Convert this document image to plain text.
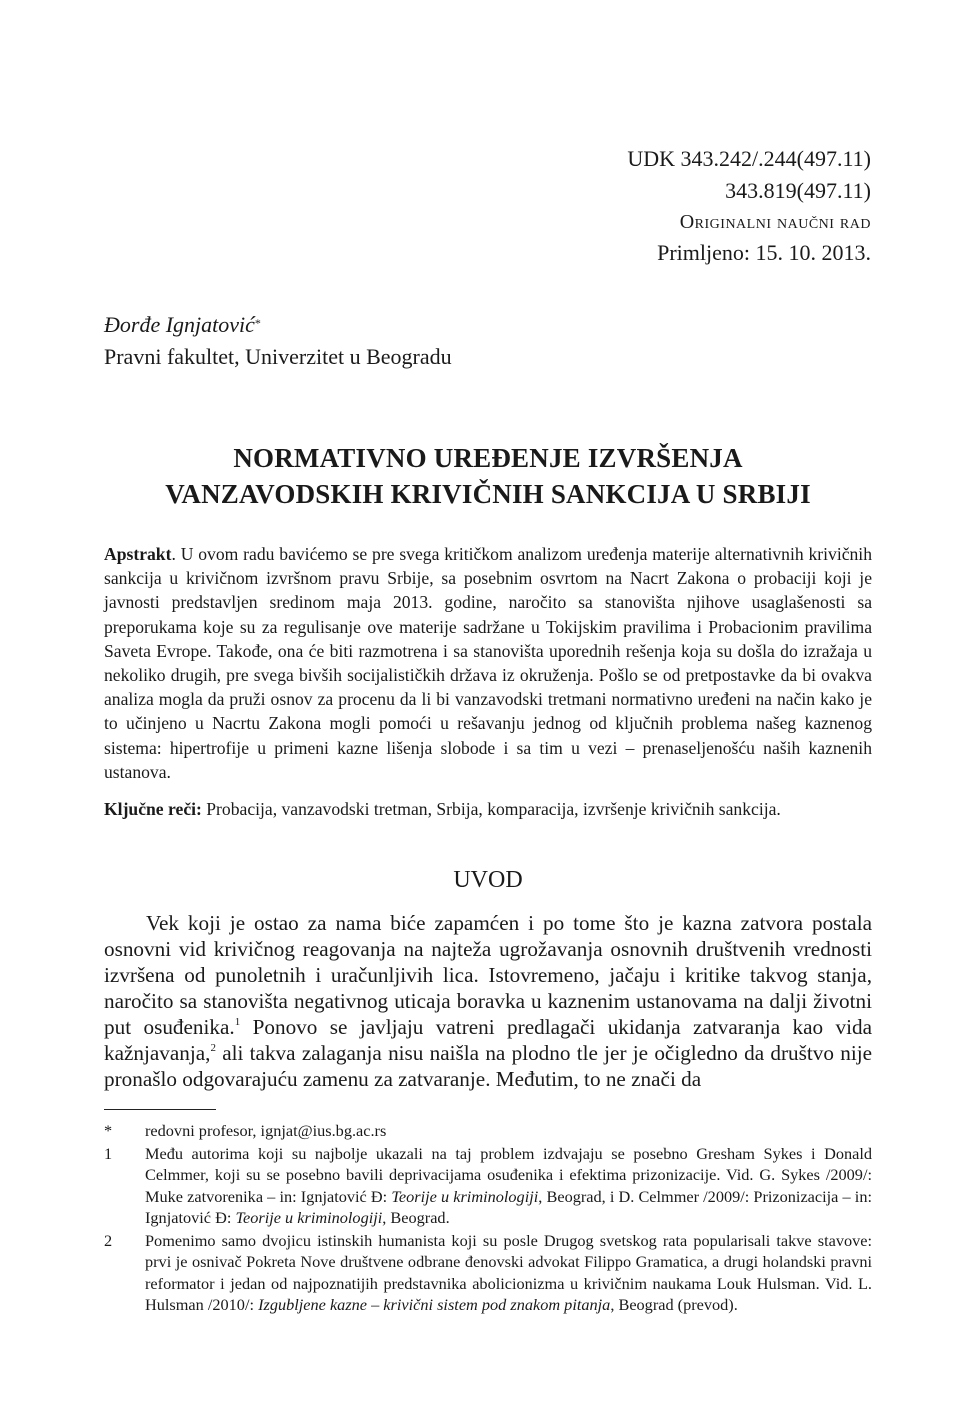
UDK 343.242/.244(497.11)
343.819(497.11)
Originalni naučni rad
Primljeno: 15. 10. 2013.
Đorđe Ignjatović*
Pravni fakultet, Univerzitet u Beogradu
NORMATIVNO UREĐENJE IZVRŠENJA
VANZAVODSKIH KRIVIČNIH SANKCIJA U SRBIJI
Apstrakt. U ovom radu bavićemo se pre svega kritičkom analizom uređenja materije alternativnih krivičnih sankcija u krivičnom izvršnom pravu Srbije, sa posebnim osvrtom na Nacrt Zakona o probaciji koji je javnosti predstavljen sredinom maja 2013. godine, naročito sa stanovišta njihove usaglašenosti sa preporukama koje su za regulisanje ove materije sadržane u Tokijskim pravilima i Probacionim pravilima Saveta Evrope. Takođe, ona će biti razmotrena i sa stanovišta uporednih rešenja koja su došla do izražaja u nekoliko drugih, pre svega bivših socijalističkih država iz okruženja. Pošlo se od pretpostavke da bi ovakva analiza mogla da pruži osnov za procenu da li bi vanzavodski tretmani normativno uređeni na način kako je to učinjeno u Nacrtu Zakona mogli pomoći u rešavanju jednog od ključnih problema našeg kaznenog sistema: hipertrofije u primeni kazne lišenja slobode i sa tim u vezi – prenaseljenošću naših kaznenih ustanova.
Ključne reči: Probacija, vanzavodski tretman, Srbija, komparacija, izvršenje krivičnih sankcija.
UVOD
Vek koji je ostao za nama biće zapamćen i po tome što je kazna zatvora postala osnovni vid krivičnog reagovanja na najteža ugrožavanja osnovnih društvenih vrednosti izvršena od punoletnih i uračunljivih lica. Istovremeno, jačaju i kritike takvog stanja, naročito sa stanovišta negativnog uticaja boravka u kaznenim ustanovama na dalji životni put osuđenika.$^1$ Ponovo se javljaju vatreni predlagači ukidanja zatvaranja kao vida kažnjavanja,$^2$ ali takva zalaganja nisu naišla na plodno tle jer je očigledno da društvo nije pronašlo odgovarajuću zamenu za zatvaranje. Međutim, to ne znači da
*	redovni profesor, ignjat@ius.bg.ac.rs
1	Među autorima koji su najbolje ukazali na taj problem izdvajaju se posebno Gresham Sykes i Donald Celmmer, koji su se posebno bavili deprivacijama osuđenika i efektima prizonizacije. Vid. G. Sykes /2009/: Muke zatvorenika – in: Ignjatović Đ: Teorije u kriminologiji, Beograd, i D. Celmmer /2009/: Prizonizacija – in: Ignjatović Đ: Teorije u kriminologiji, Beograd.
2	Pomenimo samo dvojicu istinskih humanista koji su posle Drugog svetskog rata popularisali takve stavove: prvi je osnivač Pokreta Nove društvene odbrane đenovski advokat Filippo Gramatica, a drugi holandski pravni reformator i jedan od najpoznatijih predstavnika abolicionizma u krivičnim naukama Louk Hulsman. Vid. L. Hulsman /2010/: Izgubljene kazne – krivični sistem pod znakom pitanja, Beograd (prevod).
